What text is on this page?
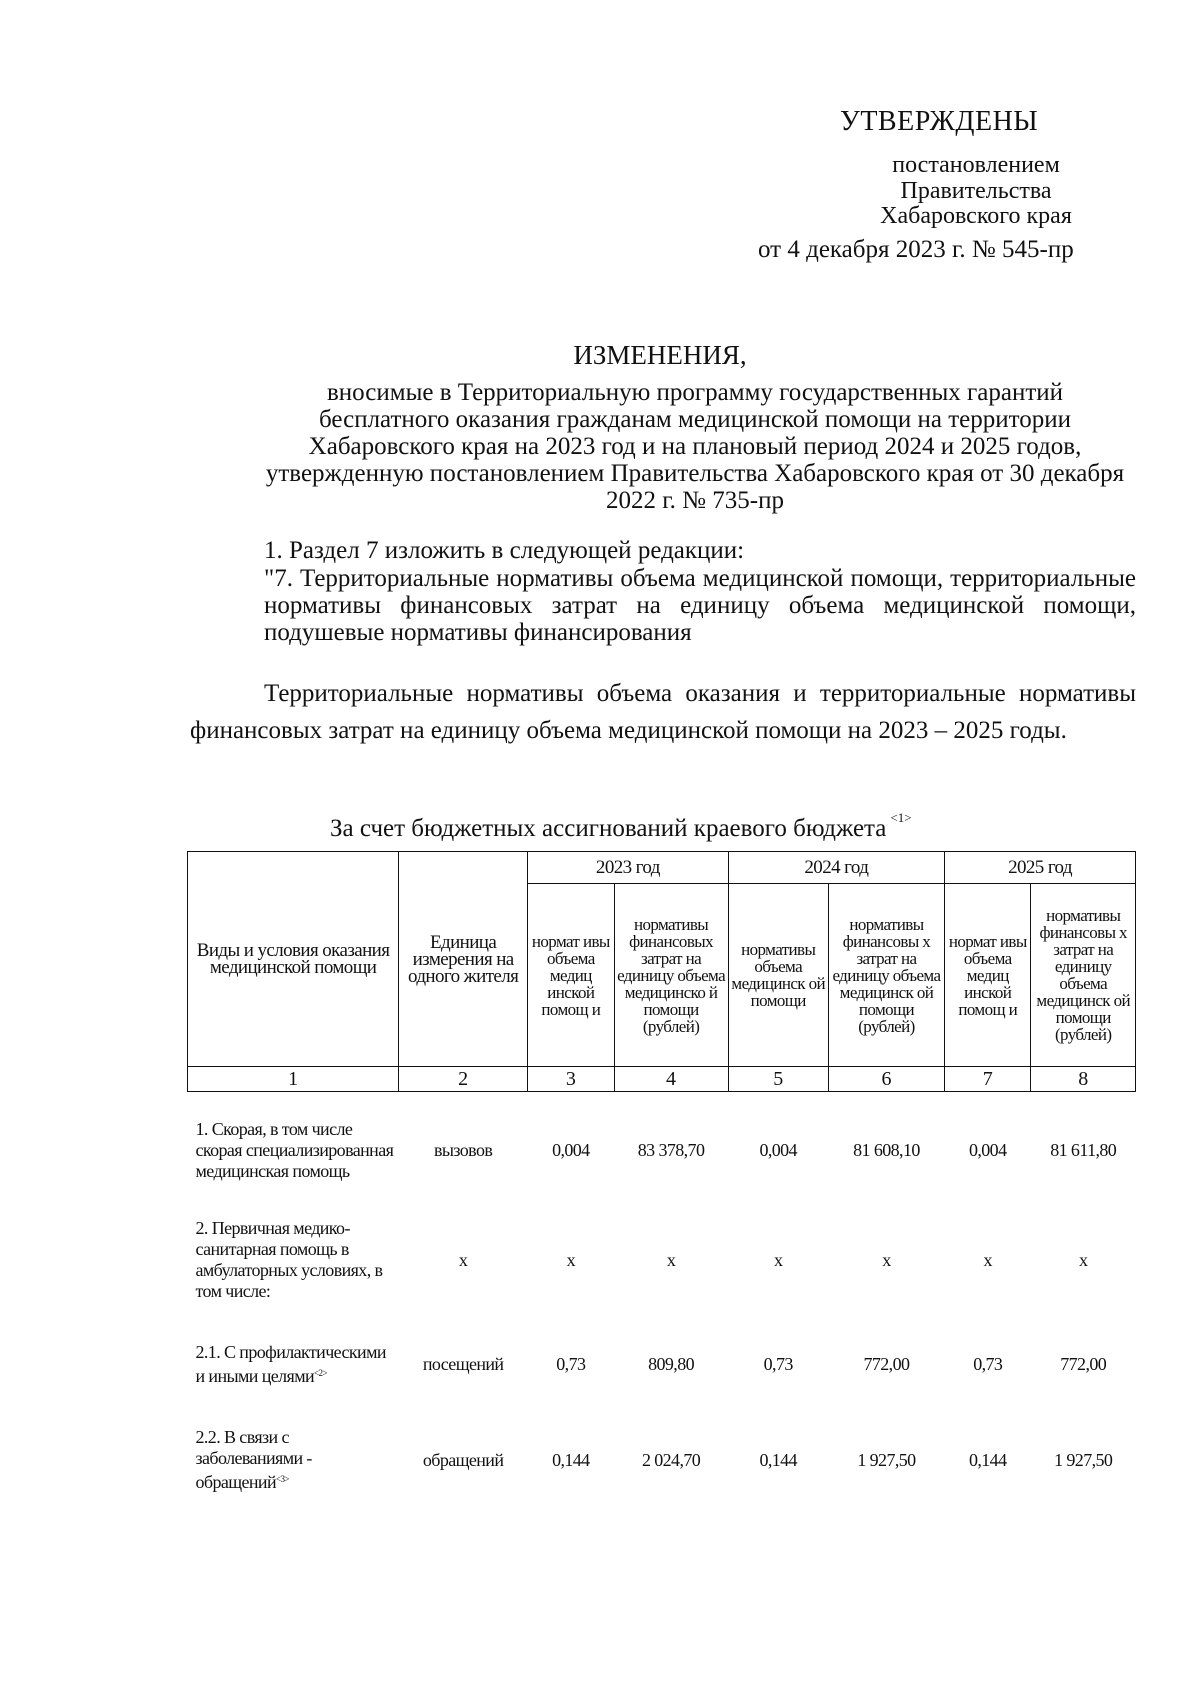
УТВЕРЖДЕНЫ
постановлением
Правительства
Хабаровского края
от 4 декабря 2023 г. № 545-пр
ИЗМЕНЕНИЯ,
вносимые в Территориальную программу государственных гарантий бесплатного оказания гражданам медицинской помощи на территории Хабаровского края на 2023 год и на плановый период 2024 и 2025 годов, утвержденную постановлением Правительства Хабаровского края от 30 декабря 2022 г. № 735-пр
1. Раздел 7 изложить в следующей редакции:
"7. Территориальные нормативы объема медицинской помощи, территориальные нормативы финансовых затрат на единицу объема медицинской помощи, подушевые нормативы финансирования
Территориальные нормативы объема оказания и территориальные нормативы финансовых затрат на единицу объема медицинской помощи на 2023 – 2025 годы.
За счет бюджетных ассигнований краевого бюджета $^{<1>}$
Виды и условия оказания медицинской помощи	Единица измерения на одного жителя	2023 год		2024 год		2025 год	
		нормат ивы объема медиц инской помощ и	нормативы финансовых затрат на единицу объема медицинско й помощи (рублей)	нормативы объема медицинск ой помощи	нормативы финансовы х затрат на единицу объема медицинск ой помощи (рублей)	нормат ивы объема медиц инской помощ и	нормативы финансовы х затрат на единицу объема медицинск ой помощи (рублей)
1	2	3	4	5	6	7	8

1. Скорая, в том числе скорая специализированная медицинская помощь	вызовов	0,004	83 378,70	0,004	81 608,10	0,004	81 611,80
2. Первичная медико-санитарная помощь в амбулаторных условиях, в том числе:	х	х	х	х	х	х	х
2.1. С профилактическими и иными целями$^{<2>}$	посещений	0,73	809,80	0,73	772,00	0,73	772,00
2.2. В связи с заболеваниями - обращений$^{<3>}$	обращений	0,144	2 024,70	0,144	1 927,50	0,144	1 927,50
